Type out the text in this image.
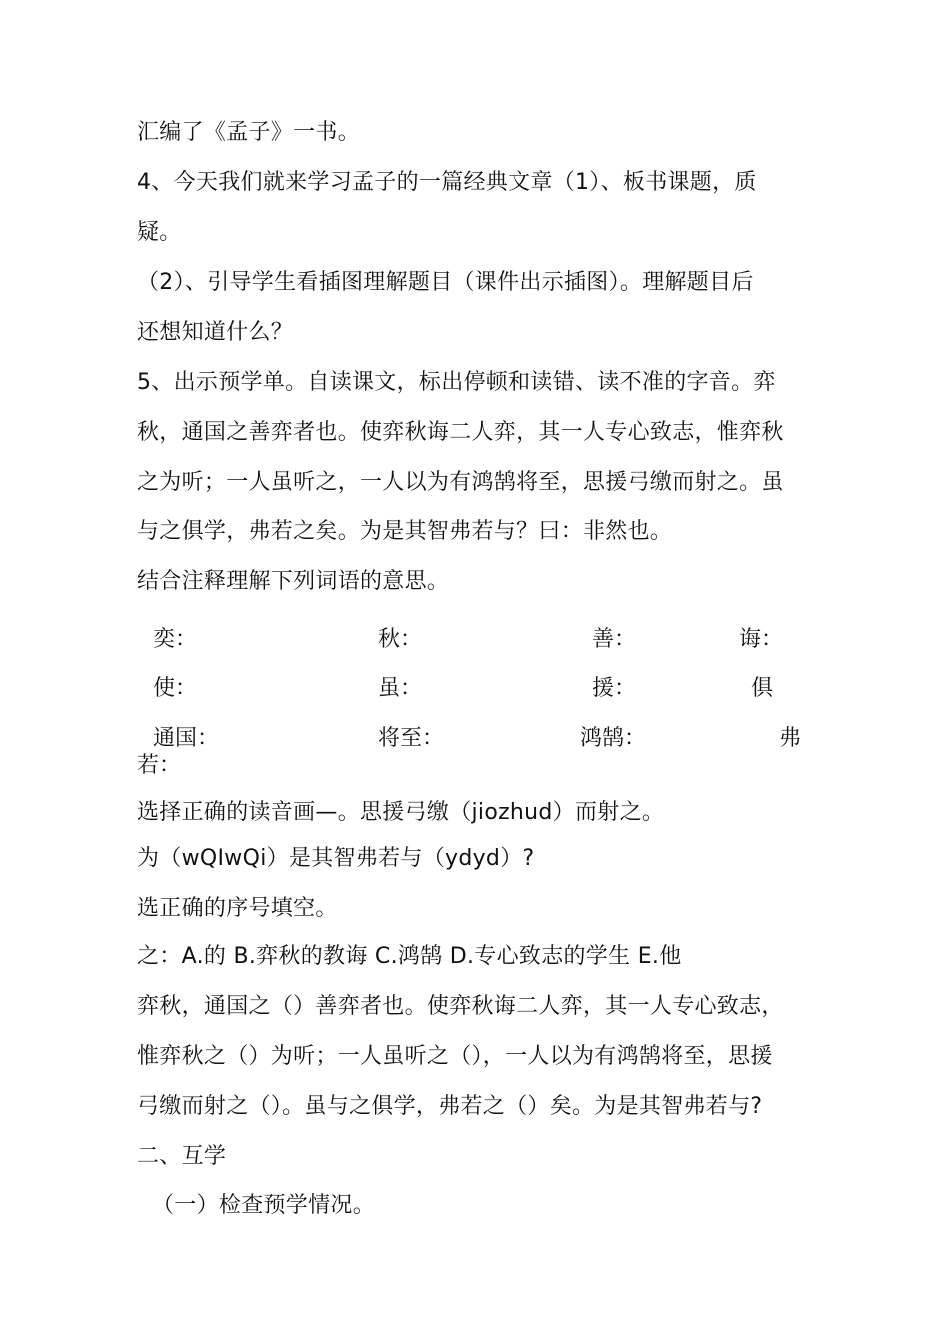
汇编了《孟子》一书。
4、今天我们就来学习孟子的一篇经典文章（1）、板书课题，质
疑。
（2）、引导学生看插图理解题目（课件出示插图）。理解题目后
还想知道什么？
5、出示预学单。自读课文，标出停顿和读错、读不准的字音。弈
秋，通国之善弈者也。使弈秋诲二人弈，其一人专心致志，惟弈秋
之为听；一人虽听之，一人以为有鸿鹄将至，思援弓缴而射之。虽
与之俱学，弗若之矣。为是其智弗若与？曰：非然也。
结合注释理解下列词语的意思。
奕：	秋：	善：	诲：
使：	虽：	援：	俱
通国：	将至：	鸿鹄：	弗
若：
选择正确的读音画—。思援弓缴（jiozhud）而射之。
为（wQIwQi）是其智弗若与（ydyd）?
选正确的序号填空。
之：A.的 B.弈秋的教诲 C.鸿鹄 D.专心致志的学生 E.他
弈秋，通国之（）善弈者也。使弈秋诲二人弈，其一人专心致志，
惟弈秋之（）为听；一人虽听之（），一人以为有鸿鹄将至，思援
弓缴而射之（）。虽与之俱学，弗若之（）矣。为是其智弗若与?
二、互学
（一）检查预学情况。
